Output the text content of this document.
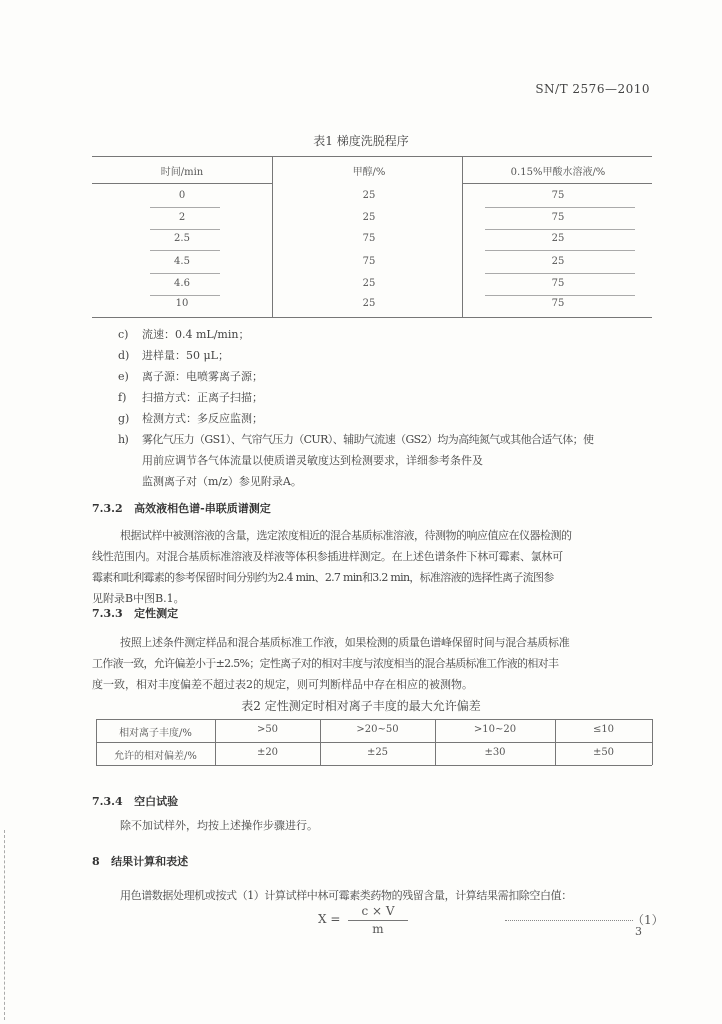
SN/T 2576—2010
表1 梯度洗脱程序
时间/min	甲醇/%	0.15%甲酸水溶液/%
0	25	75
2	25	75
2.5	75	25
4.5	75	25
4.6	25	75
10	25	75
c) 流速：0.4 mL/min；
d) 进样量：50 μL；
e) 离子源：电喷雾离子源；
f) 扫描方式：正离子扫描；
g) 检测方式：多反应监测；
h) 雾化气压力（GS1）、气帘气压力（CUR）、辅助气流速（GS2）均为高纯氮气或其他合适气体；使
用前应调节各气体流量以使质谱灵敏度达到检测要求，详细参考条件及
监测离子对（m/z）参见附录A。
7.3.2 高效液相色谱-串联质谱测定
根据试样中被测溶液的含量，选定浓度相近的混合基质标准溶液，待测物的响应值应在仪器检测的
线性范围内。对混合基质标准溶液及样液等体积参插进样测定。在上述色谱条件下林可霉素、氯林可
霉素和吡利霉素的参考保留时间分别约为2.4 min、2.7 min和3.2 min，标准溶液的选择性离子流图参
见附录B中图B.1。
7.3.3 定性测定
按照上述条件测定样品和混合基质标准工作液，如果检测的质量色谱峰保留时间与混合基质标准
工作液一致，允许偏差小于±2.5%；定性离子对的相对丰度与浓度相当的混合基质标准工作液的相对丰
度一致，相对丰度偏差不超过表2的规定，则可判断样品中存在相应的被测物。
表2 定性测定时相对离子丰度的最大允许偏差
相对离子丰度/%	>50	>20~50	>10~20	≤10
允许的相对偏差/%	±20	±25	±30	±50
7.3.4 空白试验
除不加试样外，均按上述操作步骤进行。
8 结果计算和表述
用色谱数据处理机或按式（1）计算试样中林可霉素类药物的残留含量，计算结果需扣除空白值：
X =
c × V
m
（1）
3
